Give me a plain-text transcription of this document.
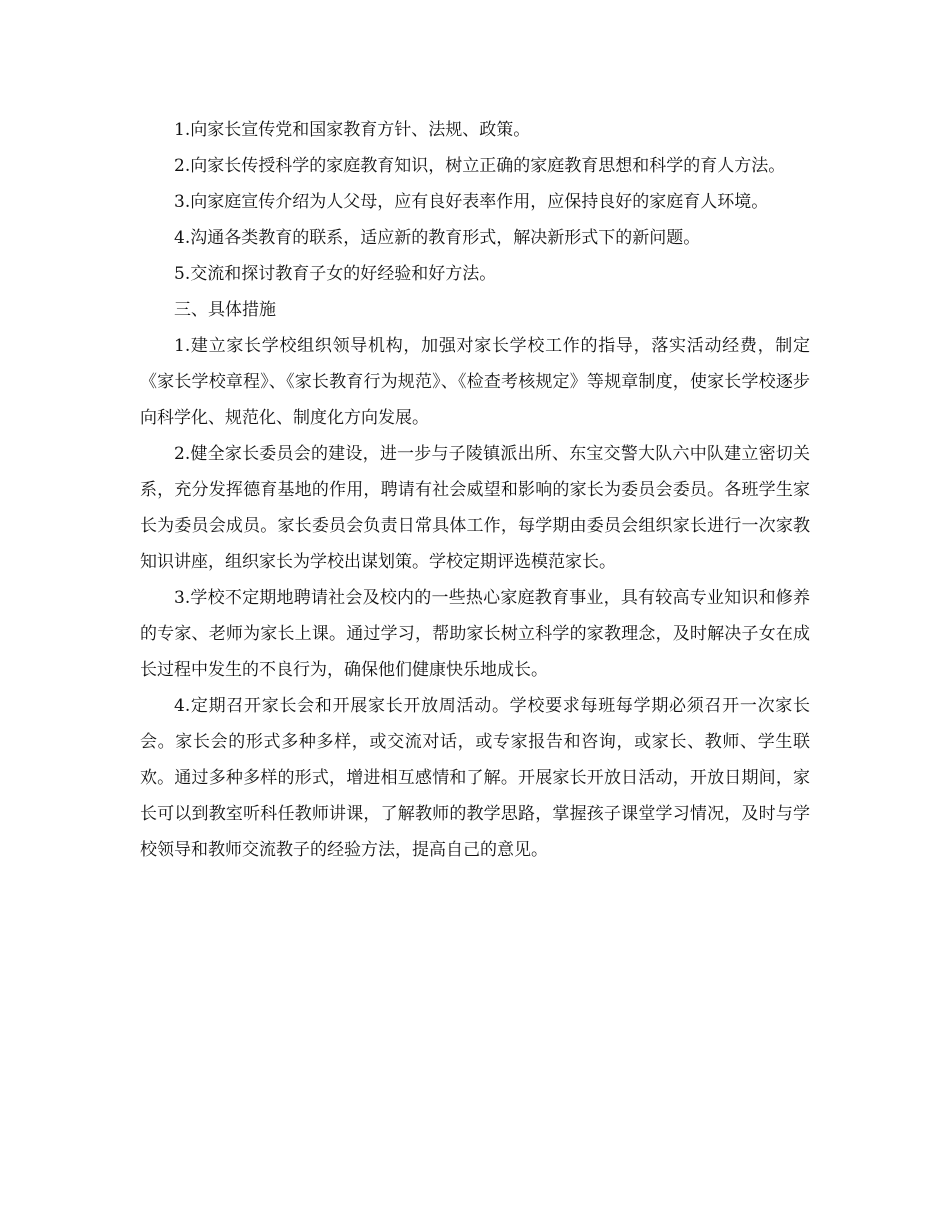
1.向家长宣传党和国家教育方针、法规、政策。

2.向家长传授科学的家庭教育知识，树立正确的家庭教育思想和科学的育人方法。

3.向家庭宣传介绍为人父母，应有良好表率作用，应保持良好的家庭育人环境。

4.沟通各类教育的联系，适应新的教育形式，解决新形式下的新问题。

5.交流和探讨教育子女的好经验和好方法。

三、具体措施

1.建立家长学校组织领导机构，加强对家长学校工作的指导，落实活动经费，制定《家长学校章程》、《家长教育行为规范》、《检查考核规定》等规章制度，使家长学校逐步向科学化、规范化、制度化方向发展。

2.健全家长委员会的建设，进一步与子陵镇派出所、东宝交警大队六中队建立密切关系，充分发挥德育基地的作用，聘请有社会威望和影响的家长为委员会委员。各班学生家长为委员会成员。家长委员会负责日常具体工作，每学期由委员会组织家长进行一次家教知识讲座，组织家长为学校出谋划策。学校定期评选模范家长。

3.学校不定期地聘请社会及校内的一些热心家庭教育事业，具有较高专业知识和修养的专家、老师为家长上课。通过学习，帮助家长树立科学的家教理念，及时解决子女在成长过程中发生的不良行为，确保他们健康快乐地成长。

4.定期召开家长会和开展家长开放周活动。学校要求每班每学期必须召开一次家长会。家长会的形式多种多样，或交流对话，或专家报告和咨询，或家长、教师、学生联欢。通过多种多样的形式，增进相互感情和了解。开展家长开放日活动，开放日期间，家长可以到教室听科任教师讲课，了解教师的教学思路，掌握孩子课堂学习情况，及时与学校领导和教师交流教子的经验方法，提高自己的意见。
